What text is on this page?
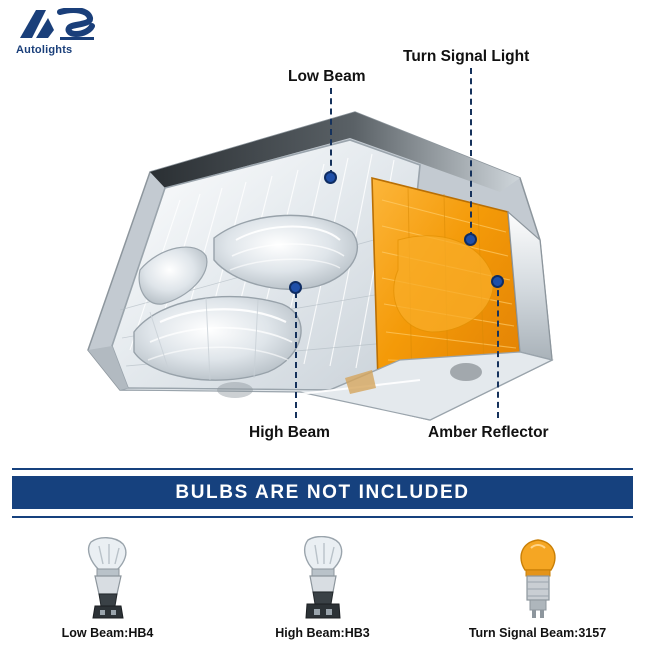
Autolights
Low Beam
Turn Signal Light
High Beam	Amber Reflector
BULBS ARE NOT INCLUDED
Low Beam:HB4	High Beam:HB3	Turn Signal Beam:3157
